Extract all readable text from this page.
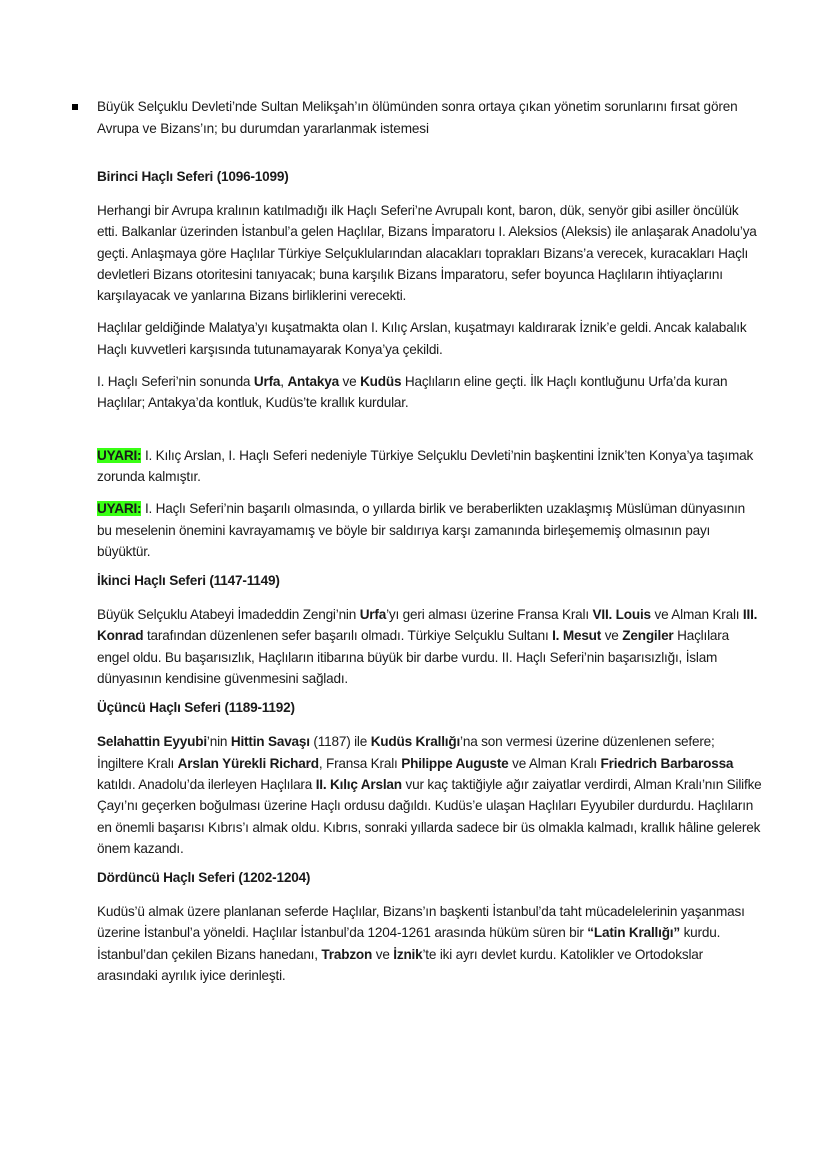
Büyük Selçuklu Devleti’nde Sultan Melikşah’ın ölümünden sonra ortaya çıkan yönetim sorunlarını fırsat gören Avrupa ve Bizans’ın; bu durumdan yararlanmak istemesi
Birinci Haçlı Seferi (1096-1099)

Herhangi bir Avrupa kralının katılmadığı ilk Haçlı Seferi’ne Avrupalı kont, baron, dük, senyör gibi asiller öncülük etti. Balkanlar üzerinden İstanbul’a gelen Haçlılar, Bizans İmparatoru I. Aleksios (Aleksis) ile anlaşarak Anadolu’ya geçti. Anlaşmaya göre Haçlılar Türkiye Selçuklularından alacakları toprakları Bizans’a verecek, kuracakları Haçlı devletleri Bizans otoritesini tanıyacak; buna karşılık Bizans İmparatoru, sefer boyunca Haçlıların ihtiyaçlarını karşılayacak ve yanlarına Bizans birliklerini verecekti.

Haçlılar geldiğinde Malatya’yı kuşatmakta olan I. Kılıç Arslan, kuşatmayı kaldırarak İznik’e geldi. Ancak kalabalık Haçlı kuvvetleri karşısında tutunamayarak Konya’ya çekildi.

I. Haçlı Seferi’nin sonunda Urfa, Antakya ve Kudüs Haçlıların eline geçti. İlk Haçlı kontluğunu Urfa’da kuran Haçlılar; Antakya’da kontluk, Kudüs’te krallık kurdular.

UYARI: I. Kılıç Arslan, I. Haçlı Seferi nedeniyle Türkiye Selçuklu Devleti’nin başkentini İznik’ten Konya’ya taşımak zorunda kalmıştır.

UYARI: I. Haçlı Seferi’nin başarılı olmasında, o yıllarda birlik ve beraberlikten uzaklaşmış Müslüman dünyasının bu meselenin önemini kavrayamamış ve böyle bir saldırıya karşı zamanında birleşememiş olmasının payı büyüktür.

İkinci Haçlı Seferi (1147-1149)

Büyük Selçuklu Atabeyi İmadeddin Zengi’nin Urfa’yı geri alması üzerine Fransa Kralı VII. Louis ve Alman Kralı III. Konrad tarafından düzenlenen sefer başarılı olmadı. Türkiye Selçuklu Sultanı I. Mesut ve Zengiler Haçlılara engel oldu. Bu başarısızlık, Haçlıların itibarına büyük bir darbe vurdu. II. Haçlı Seferi’nin başarısızlığı, İslam dünyasının kendisine güvenmesini sağladı.

Üçüncü Haçlı Seferi (1189-1192)

Selahattin Eyyubi’nin Hittin Savaşı (1187) ile Kudüs Krallığı’na son vermesi üzerine düzenlenen sefere; İngiltere Kralı Arslan Yürekli Richard, Fransa Kralı Philippe Auguste ve Alman Kralı Friedrich Barbarossa katıldı. Anadolu’da ilerleyen Haçlılara II. Kılıç Arslan vur kaç taktiğiyle ağır zaiyatlar verdirdi, Alman Kralı’nın Silifke Çayı’nı geçerken boğulması üzerine Haçlı ordusu dağıldı. Kudüs’e ulaşan Haçlıları Eyyubiler durdurdu. Haçlıların en önemli başarısı Kıbrıs’ı almak oldu. Kıbrıs, sonraki yıllarda sadece bir üs olmakla kalmadı, krallık hâline gelerek önem kazandı.

Dördüncü Haçlı Seferi (1202-1204)

Kudüs’ü almak üzere planlanan seferde Haçlılar, Bizans’ın başkenti İstanbul’da taht mücadelelerinin yaşanması üzerine İstanbul’a yöneldi. Haçlılar İstanbul’da 1204-1261 arasında hüküm süren bir “Latin Krallığı” kurdu. İstanbul’dan çekilen Bizans hanedanı, Trabzon ve İznik’te iki ayrı devlet kurdu. Katolikler ve Ortodokslar arasındaki ayrılık iyice derinleşti.
